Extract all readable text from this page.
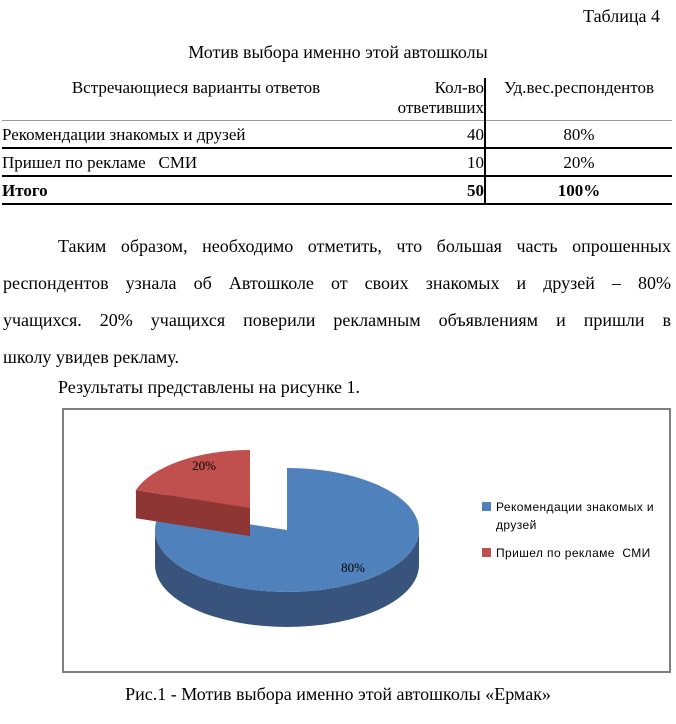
Таблица 4
Мотив выбора именно этой автошколы
Встречающиеся варианты ответов	Кол-во ответивших	Уд.вес.респондентов
Рекомендации знакомых и друзей	40	80%
Пришел по рекламе   СМИ	10	20%
Итого	50	100%
Таким образом, необходимо отметить, что большая часть опрошенных
респондентов узнала об Автошколе от своих знакомых и друзей – 80%
учащихся. 20% учащихся поверили рекламным объявлениям и пришли в
школу увидев рекламу.
Результаты представлены на рисунке 1.
80%
20%
Рекомендации знакомых и друзей
Пришел по рекламе  СМИ
Рис.1 - Мотив выбора именно этой автошколы «Ермак»
